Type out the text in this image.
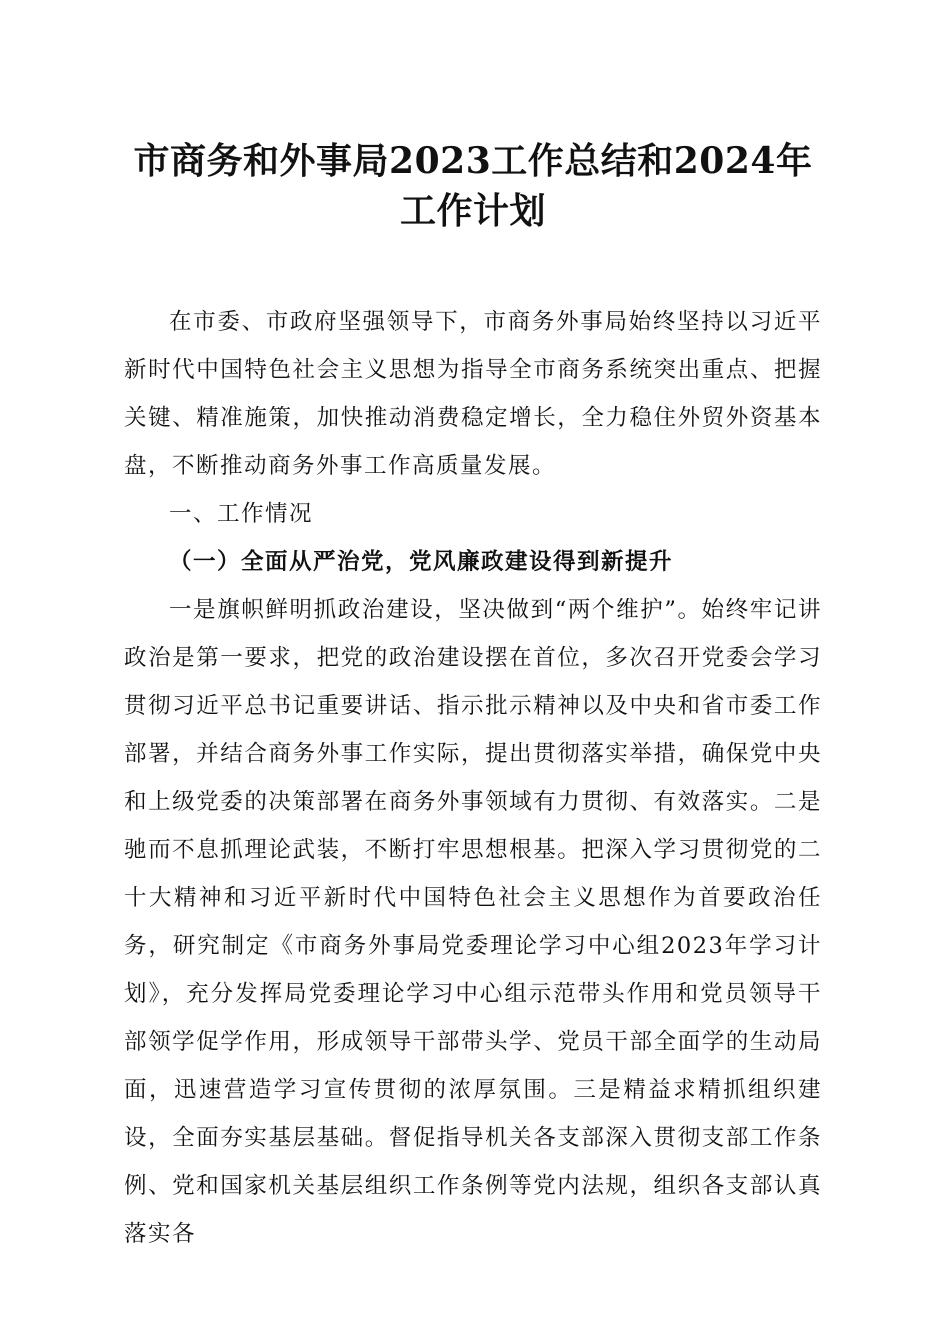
市商务和外事局2023工作总结和2024年工作计划

在市委、市政府坚强领导下，市商务外事局始终坚持以习近平新时代中国特色社会主义思想为指导全市商务系统突出重点、把握关键、精准施策，加快推动消费稳定增长，全力稳住外贸外资基本盘，不断推动商务外事工作高质量发展。

一、工作情况

（一）全面从严治党，党风廉政建设得到新提升

一是旗帜鲜明抓政治建设，坚决做到“两个维护”。始终牢记讲政治是第一要求，把党的政治建设摆在首位，多次召开党委会学习贯彻习近平总书记重要讲话、指示批示精神以及中央和省市委工作部署，并结合商务外事工作实际，提出贯彻落实举措，确保党中央和上级党委的决策部署在商务外事领域有力贯彻、有效落实。二是驰而不息抓理论武装，不断打牢思想根基。把深入学习贯彻党的二十大精神和习近平新时代中国特色社会主义思想作为首要政治任务，研究制定《市商务外事局党委理论学习中心组2023年学习计划》，充分发挥局党委理论学习中心组示范带头作用和党员领导干部领学促学作用，形成领导干部带头学、党员干部全面学的生动局面，迅速营造学习宣传贯彻的浓厚氛围。三是精益求精抓组织建设，全面夯实基层基础。督促指导机关各支部深入贯彻支部工作条例、党和国家机关基层组织工作条例等党内法规，组织各支部认真落实各
